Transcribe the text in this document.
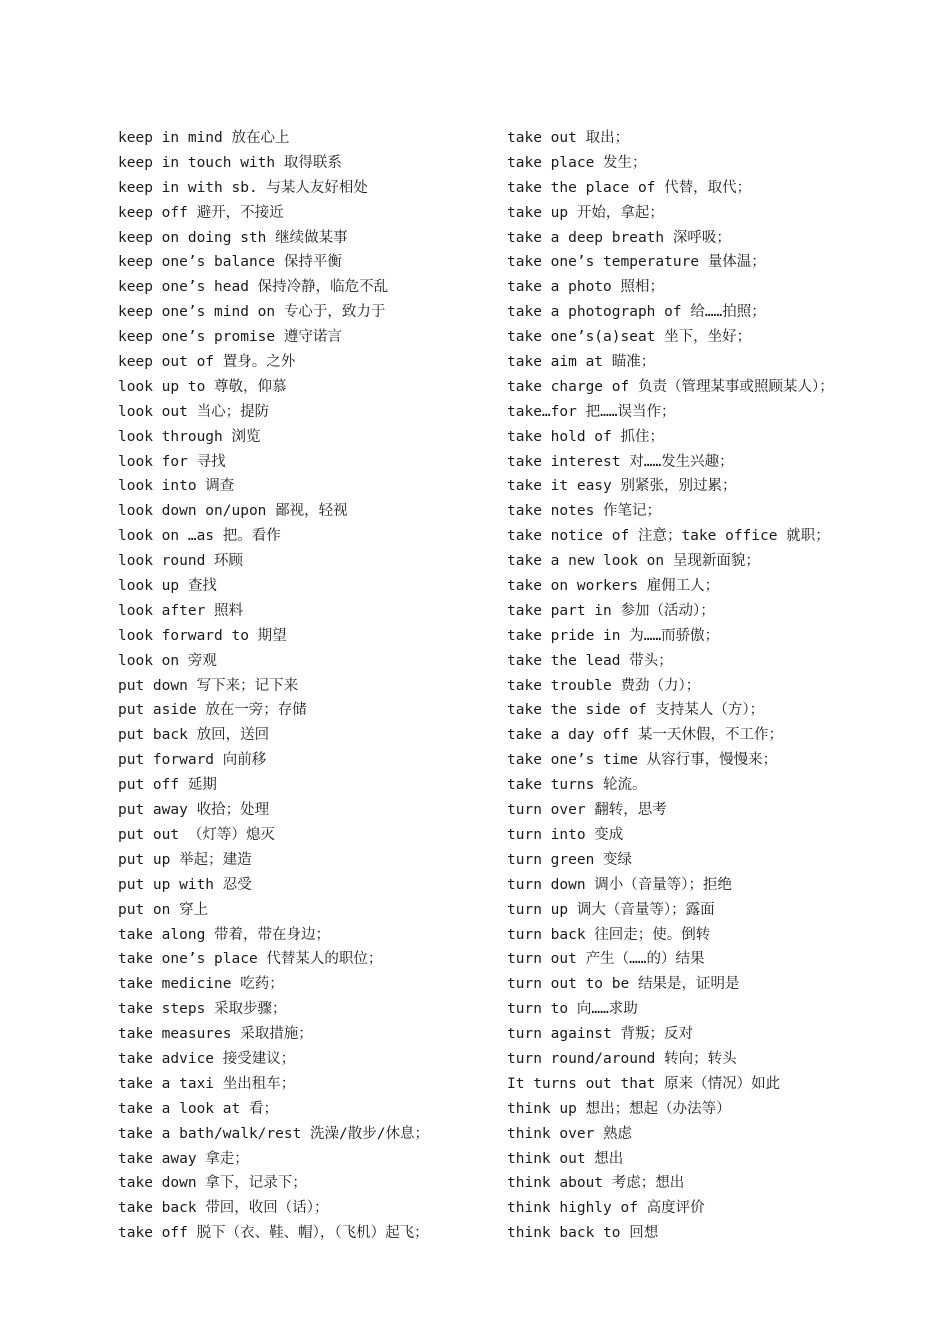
keep in mind 放在心上
keep in touch with 取得联系
keep in with sb. 与某人友好相处
keep off 避开，不接近
keep on doing sth 继续做某事
keep one’s balance 保持平衡
keep one’s head 保持冷静，临危不乱
keep one’s mind on 专心于，致力于
keep one’s promise 遵守诺言
keep out of 置身。之外
look up to 尊敬，仰慕
look out 当心；提防
look through 浏览
look for 寻找
look into 调查
look down on/upon 鄙视，轻视
look on …as 把。看作
look round 环顾
look up 查找
look after 照料
look forward to 期望
look on 旁观
put down 写下来；记下来
put aside 放在一旁；存储
put back 放回，送回
put forward 向前移
put off 延期
put away 收拾；处理
put out （灯等）熄灭
put up 举起；建造
put up with 忍受
put on 穿上
take along 带着，带在身边；
take one’s place 代替某人的职位；
take medicine 吃药；
take steps 采取步骤；
take measures 采取措施；
take advice 接受建议；
take a taxi 坐出租车；
take a look at 看；
take a bath/walk/rest 洗澡/散步/休息；
take away 拿走；
take down 拿下，记录下；
take back 带回，收回（话）；
take off 脱下（衣、鞋、帽），（飞机）起飞；
take out 取出；
take place 发生；
take the place of 代替，取代；
take up 开始，拿起；
take a deep breath 深呼吸；
take one’s temperature 量体温；
take a photo 照相；
take a photograph of 给……拍照；
take one’s(a)seat 坐下，坐好；
take aim at 瞄准；
take charge of 负责（管理某事或照顾某人）；
take…for 把……误当作；
take hold of 抓住；
take interest 对……发生兴趣；
take it easy 别紧张，别过累；
take notes 作笔记；
take notice of 注意；take office 就职；
take a new look on 呈现新面貌；
take on workers 雇佣工人；
take part in 参加（活动）；
take pride in 为……而骄傲；
take the lead 带头；
take trouble 费劲（力）；
take the side of 支持某人（方）；
take a day off 某一天休假，不工作；
take one’s time 从容行事，慢慢来；
take turns 轮流。
turn over 翻转，思考
turn into 变成
turn green 变绿
turn down 调小（音量等）；拒绝
turn up 调大（音量等）；露面
turn back 往回走；使。倒转
turn out 产生（……的）结果
turn out to be 结果是，证明是
turn to 向……求助
turn against 背叛；反对
turn round/around 转向；转头
It turns out that 原来（情况）如此
think up 想出；想起（办法等）
think over 熟虑
think out 想出
think about 考虑；想出
think highly of 高度评价
think back to 回想
